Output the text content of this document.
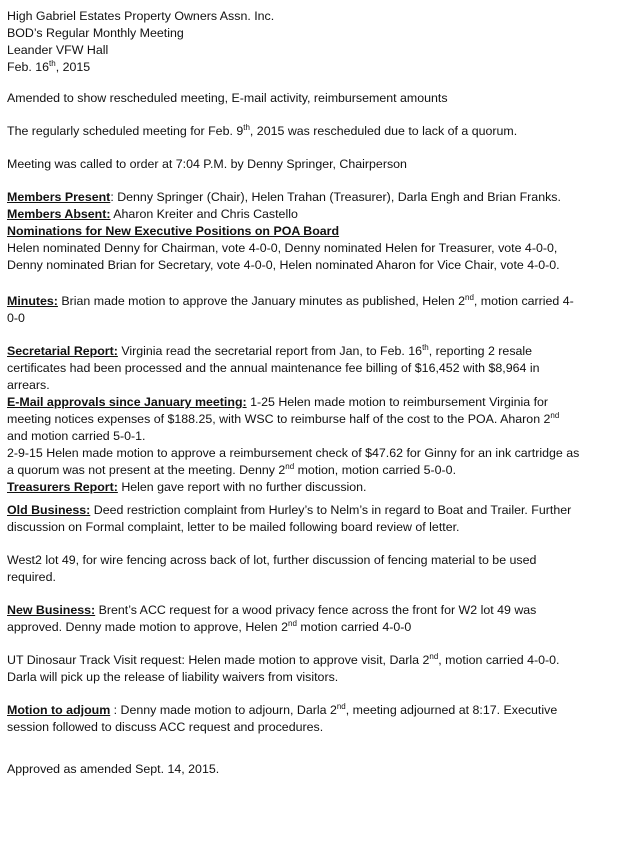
High Gabriel Estates Property Owners Assn. Inc.
BOD’s Regular Monthly Meeting
Leander VFW Hall
Feb. 16th, 2015

Amended to show rescheduled meeting, E-mail activity, reimbursement amounts

The regularly scheduled meeting for Feb. 9th, 2015 was rescheduled due to lack of a quorum.

Meeting was called to order at 7:04 P.M. by Denny Springer, Chairperson

Members Present: Denny Springer (Chair), Helen Trahan (Treasurer), Darla Engh and Brian Franks.
Members Absent: Aharon Kreiter and Chris Castello
Nominations for New Executive Positions on POA Board
Helen nominated Denny for Chairman, vote 4-0-0, Denny nominated Helen for Treasurer, vote 4-0-0,
Denny nominated Brian for Secretary, vote 4-0-0, Helen nominated Aharon for Vice Chair, vote 4-0-0.
Minutes: Brian made motion to approve the January minutes as published, Helen 2nd, motion carried 4-
0-0
Secretarial Report: Virginia read the secretarial report from Jan, to Feb. 16th, reporting 2 resale
certificates had been processed and the annual maintenance fee billing of $16,452 with $8,964 in
arrears.
E-Mail approvals since January meeting: 1-25 Helen made motion to reimbursement Virginia for
meeting notices expenses of $188.25, with WSC to reimburse half of the cost to the POA. Aharon 2nd
and motion carried 5-0-1.
2-9-15 Helen made motion to approve a reimbursement check of $47.62 for Ginny for an ink cartridge as
a quorum was not present at the meeting. Denny 2nd motion, motion carried 5-0-0.
Treasurers Report: Helen gave report with no further discussion.
Old Business: Deed restriction complaint from Hurley’s to Nelm’s in regard to Boat and Trailer. Further
discussion on Formal complaint, letter to be mailed following board review of letter.
West2 lot 49, for wire fencing across back of lot, further discussion of fencing material to be used
required.
New Business: Brent’s ACC request for a wood privacy fence across the front for W2 lot 49 was
approved. Denny made motion to approve, Helen 2nd motion carried 4-0-0
UT Dinosaur Track Visit request: Helen made motion to approve visit, Darla 2nd, motion carried 4-0-0.
Darla will pick up the release of liability waivers from visitors.
Motion to adjoum : Denny made motion to adjourn, Darla 2nd, meeting adjourned at 8:17. Executive
session followed to discuss ACC request and procedures.

Approved as amended Sept. 14, 2015.
